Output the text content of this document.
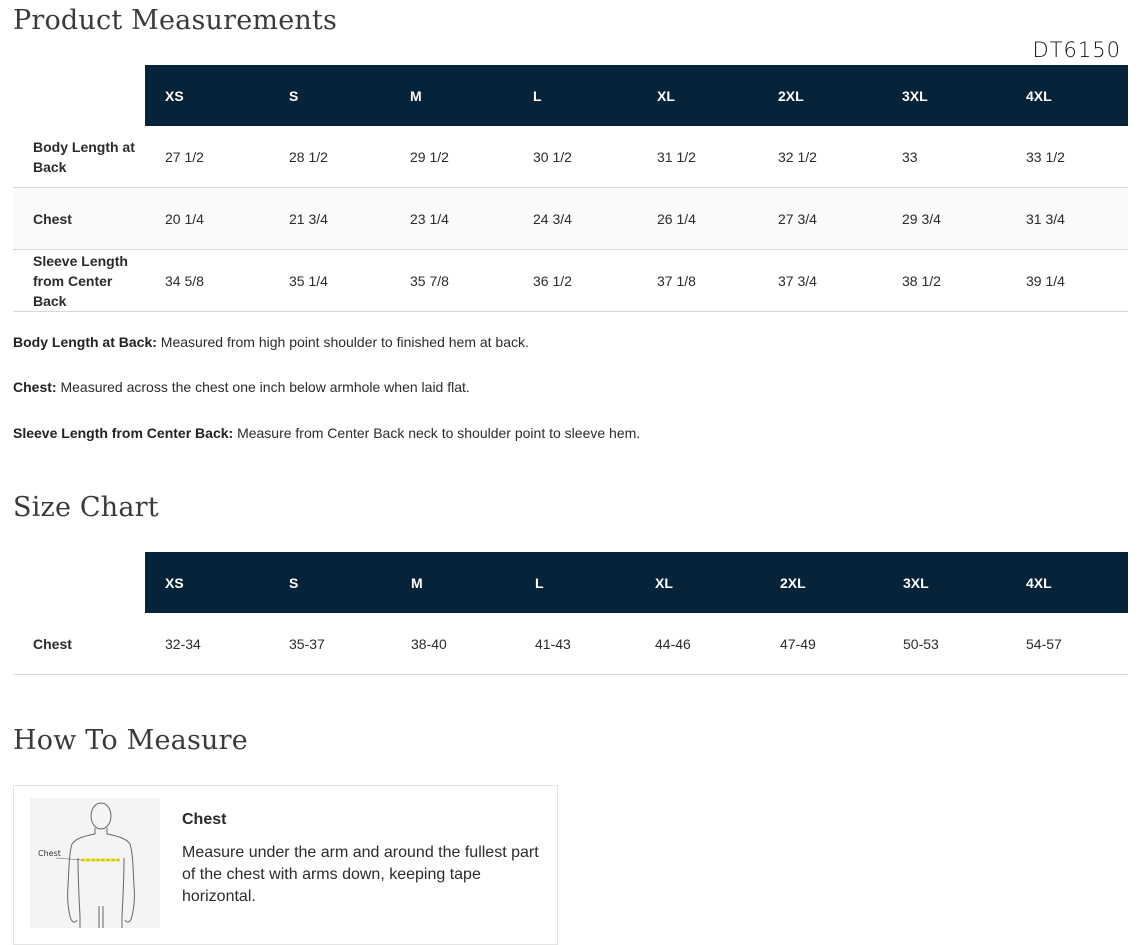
Product Measurements
DT6150
	XS	S	M	L	XL	2XL	3XL	4XL
Body Length at Back	27 1/2	28 1/2	29 1/2	30 1/2	31 1/2	32 1/2	33	33 1/2
Chest	20 1/4	21 3/4	23 1/4	24 3/4	26 1/4	27 3/4	29 3/4	31 3/4
Sleeve Length from Center Back	34 5/8	35 1/4	35 7/8	36 1/2	37 1/8	37 3/4	38 1/2	39 1/4

Body Length at Back: Measured from high point shoulder to finished hem at back.

Chest: Measured across the chest one inch below armhole when laid flat.

Sleeve Length from Center Back: Measure from Center Back neck to shoulder point to sleeve hem.

Size Chart
	XS	S	M	L	XL	2XL	3XL	4XL
Chest	32-34	35-37	38-40	41-43	44-46	47-49	50-53	54-57
How To Measure
Chest
Chest
Measure under the arm and around the fullest part of the chest with arms down, keeping tape horizontal.
